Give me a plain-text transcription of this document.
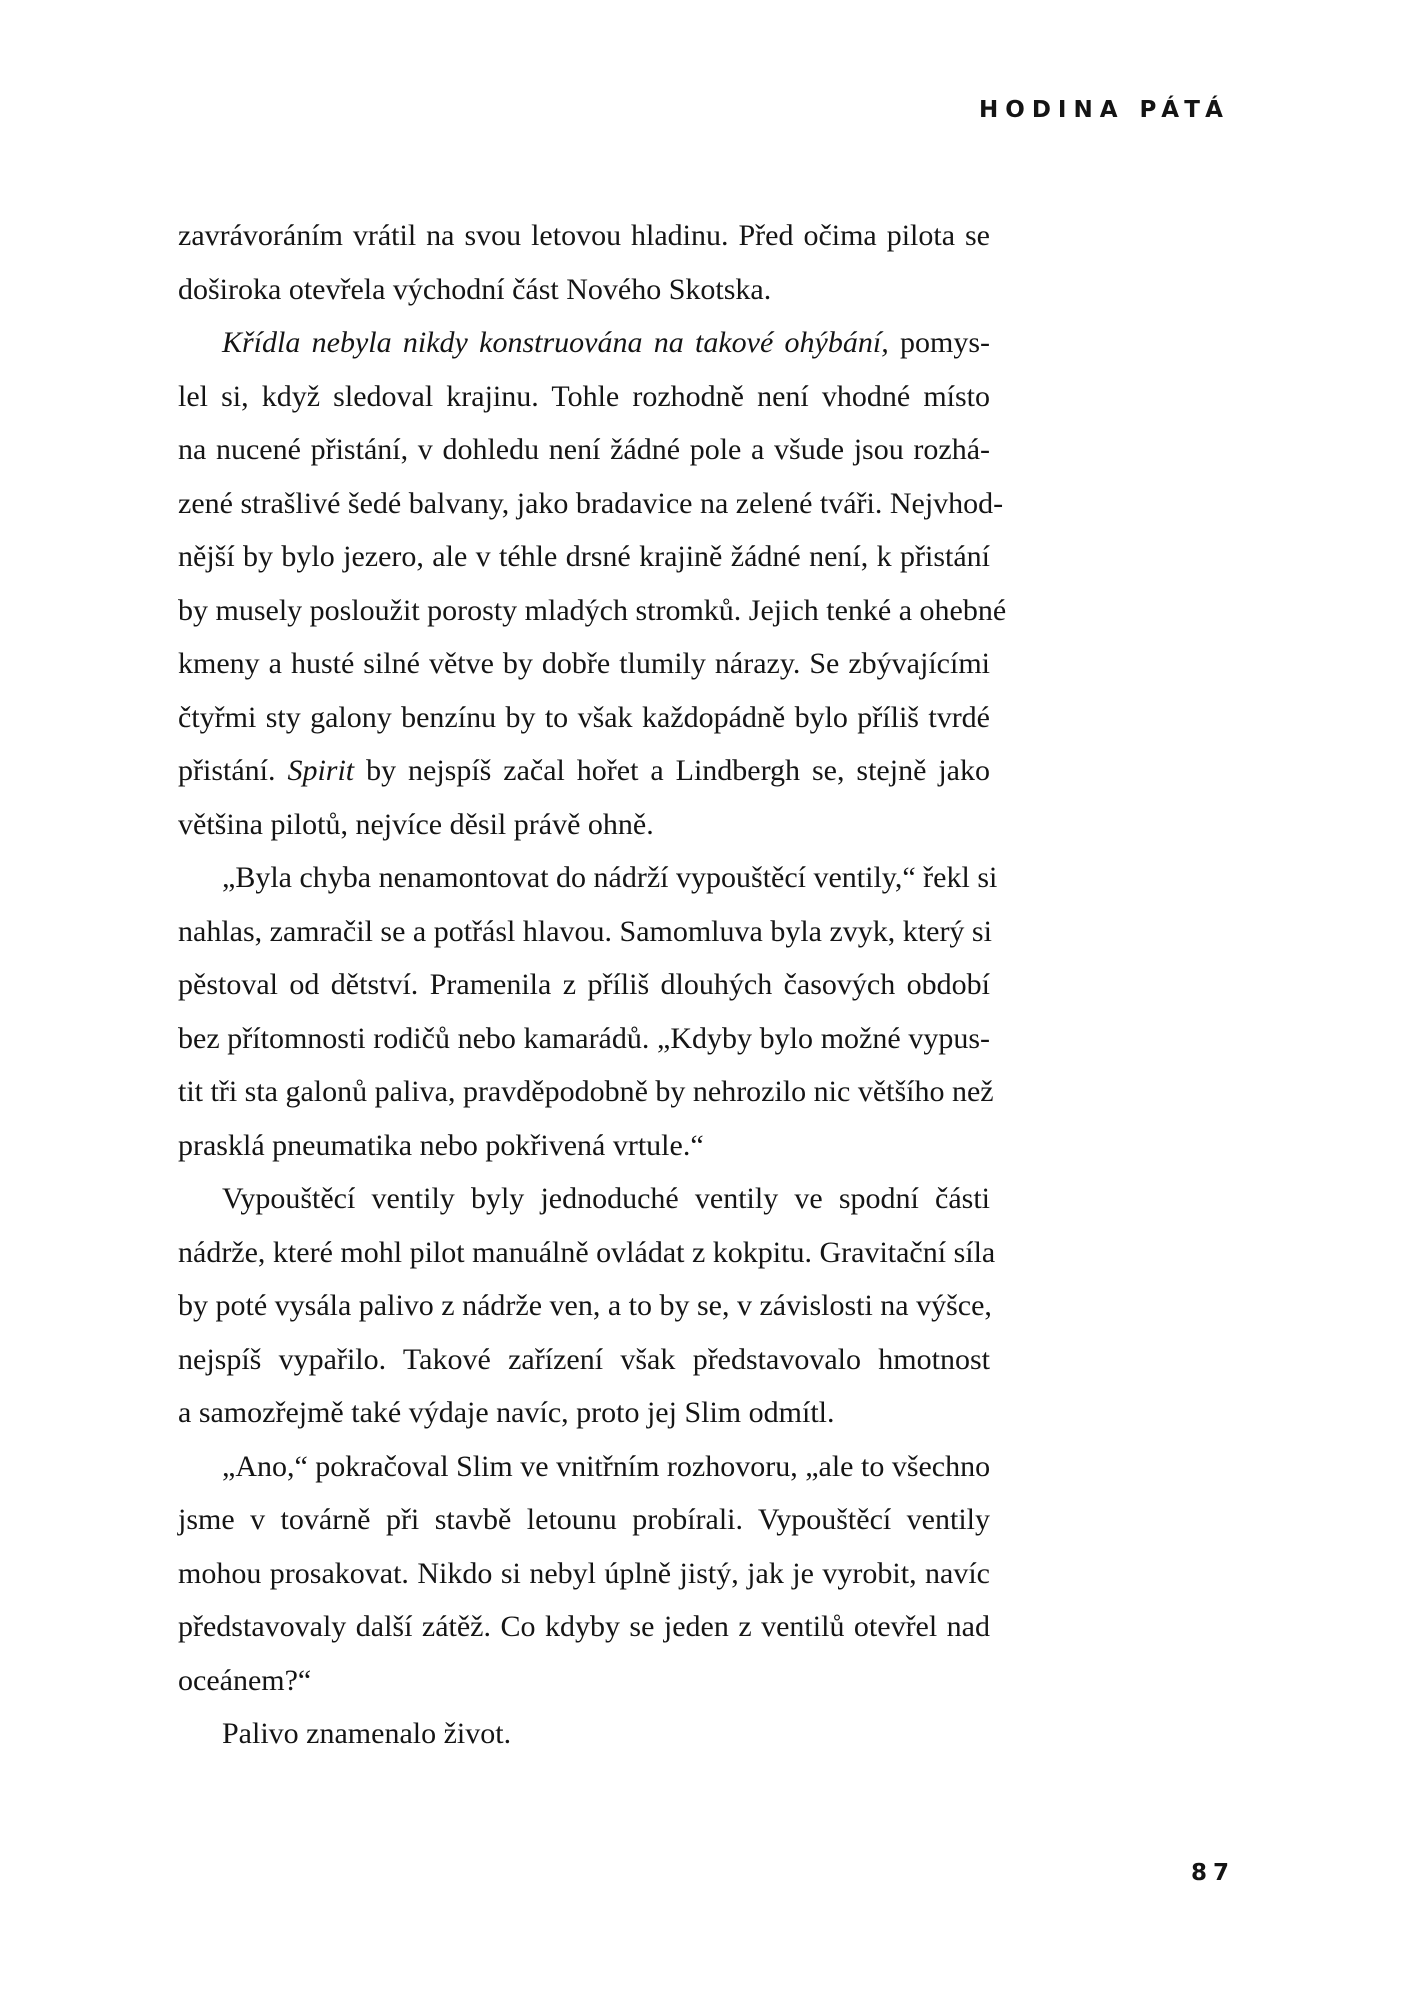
HODINA PÁTÁ
zavrávoráním vrátil na svou letovou hladinu. Před očima pilota se
doširoka otevřela východní část Nového Skotska.
Křídla nebyla nikdy konstruována na takové ohýbání, pomys-
lel si, když sledoval krajinu. Tohle rozhodně není vhodné místo
na nucené přistání, v dohledu není žádné pole a všude jsou rozhá-
zené strašlivé šedé balvany, jako bradavice na zelené tváři. Nejvhod-
nější by bylo jezero, ale v téhle drsné krajině žádné není, k přistání
by musely posloužit porosty mladých stromků. Jejich tenké a ohebné
kmeny a husté silné větve by dobře tlumily nárazy. Se zbývajícími
čtyřmi sty galony benzínu by to však každopádně bylo příliš tvrdé
přistání. Spirit by nejspíš začal hořet a Lindbergh se, stejně jako
většina pilotů, nejvíce děsil právě ohně.
„Byla chyba nenamontovat do nádrží vypouštěcí ventily,“ řekl si
nahlas, zamračil se a potřásl hlavou. Samomluva byla zvyk, který si
pěstoval od dětství. Pramenila z příliš dlouhých časových období
bez přítomnosti rodičů nebo kamarádů. „Kdyby bylo možné vypus-
tit tři sta galonů paliva, pravděpodobně by nehrozilo nic většího než
prasklá pneumatika nebo pokřivená vrtule.“
Vypouštěcí ventily byly jednoduché ventily ve spodní části
nádrže, které mohl pilot manuálně ovládat z kokpitu. Gravitační síla
by poté vysála palivo z nádrže ven, a to by se, v závislosti na výšce,
nejspíš vypařilo. Takové zařízení však představovalo hmotnost
a samozřejmě také výdaje navíc, proto jej Slim odmítl.
„Ano,“ pokračoval Slim ve vnitřním rozhovoru, „ale to všechno
jsme v továrně při stavbě letounu probírali. Vypouštěcí ventily
mohou prosakovat. Nikdo si nebyl úplně jistý, jak je vyrobit, navíc
představovaly další zátěž. Co kdyby se jeden z ventilů otevřel nad
oceánem?“
Palivo znamenalo život.
87
